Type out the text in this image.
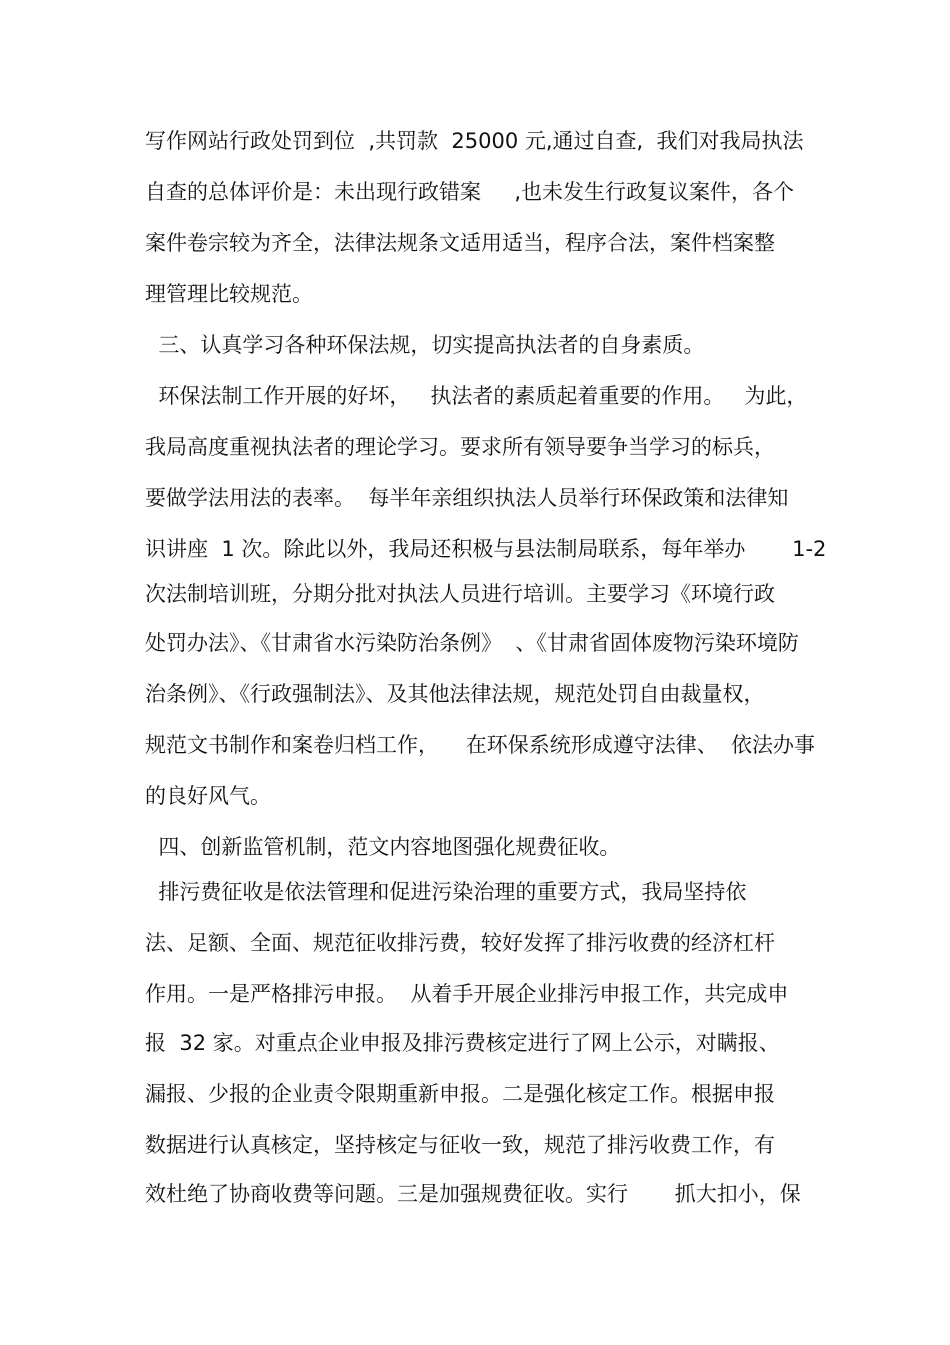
写作网站行政处罚到位  ,共罚款  25000 元,通过自查,  我们对我局执法
自查的总体评价是：未出现行政错案     ,也未发生行政复议案件，各个
案件卷宗较为齐全，法律法规条文适用适当，程序合法，案件档案整
理管理比较规范。
三、认真学习各种环保法规，切实提高执法者的自身素质。
环保法制工作开展的好坏，   执法者的素质起着重要的作用。   为此，
我局高度重视执法者的理论学习。要求所有领导要争当学习的标兵，
要做学法用法的表率。  每半年亲组织执法人员举行环保政策和法律知
识讲座  1 次。除此以外，我局还积极与县法制局联系，每年举办       1-2
次法制培训班，分期分批对执法人员进行培训。主要学习《环境行政
处罚办法》、《甘肃省水污染防治条例》  、《甘肃省固体废物污染环境防
治条例》、《行政强制法》、及其他法律法规，规范处罚自由裁量权，
规范文书制作和案卷归档工作，    在环保系统形成遵守法律、  依法办事
的良好风气。
四、创新监管机制，范文内容地图强化规费征收。
排污费征收是依法管理和促进污染治理的重要方式，我局坚持依
法、足额、全面、规范征收排污费，较好发挥了排污收费的经济杠杆
作用。一是严格排污申报。  从着手开展企业排污申报工作，共完成申
报  32 家。对重点企业申报及排污费核定进行了网上公示，对瞒报、
漏报、少报的企业责令限期重新申报。二是强化核定工作。根据申报
数据进行认真核定，坚持核定与征收一致，规范了排污收费工作，有
效杜绝了协商收费等问题。三是加强规费征收。实行       抓大扣小，保
